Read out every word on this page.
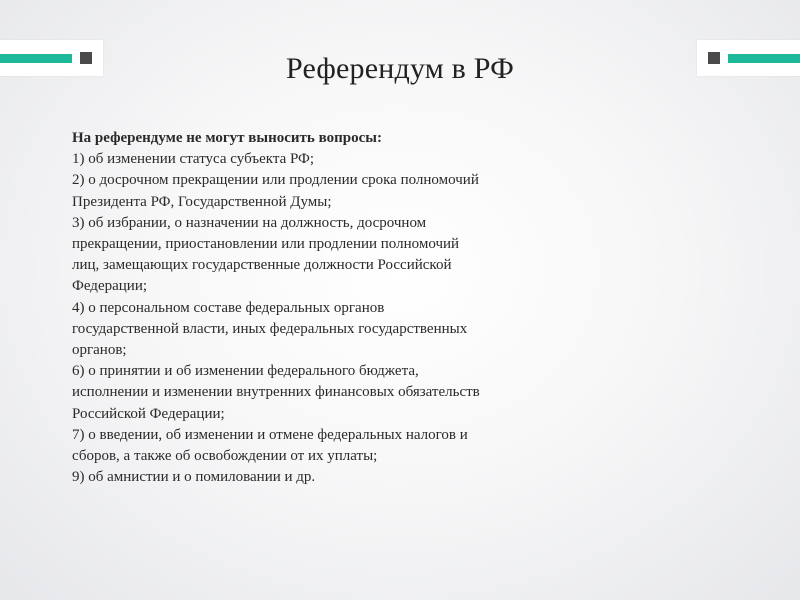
Референдум в РФ
На референдуме не могут выносить вопросы:
1) об изменении статуса субъекта РФ;
2) о досрочном прекращении или продлении срока полномочий
Президента РФ, Государственной Думы;
3) об избрании, о назначении на должность, досрочном
прекращении, приостановлении или продлении полномочий
лиц, замещающих государственные должности Российской
Федерации;
4) о персональном составе федеральных органов
государственной власти, иных федеральных государственных
органов;
6) о принятии и об изменении федерального бюджета,
исполнении и изменении внутренних финансовых обязательств
Российской Федерации;
7) о введении, об изменении и отмене федеральных налогов и
сборов, а также об освобождении от их уплаты;
9) об амнистии и о помиловании и др.
